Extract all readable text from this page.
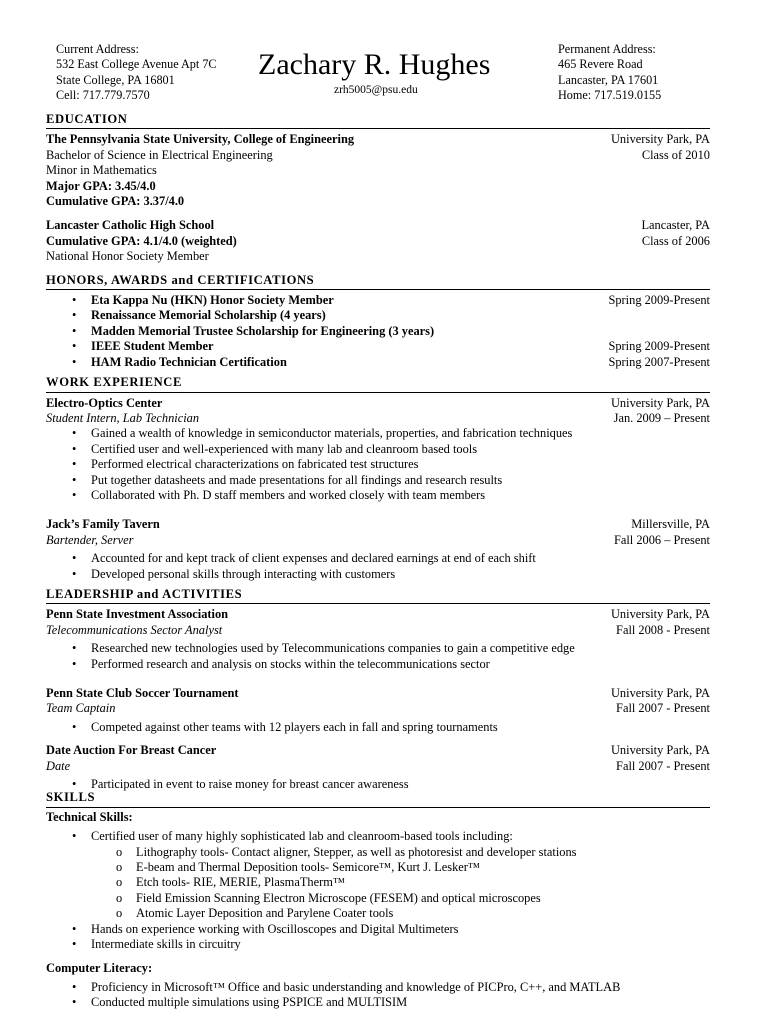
Current Address:
532 East College Avenue Apt 7C
State College, PA 16801
Cell: 717.779.7570
Zachary R. Hughes
zrh5005@psu.edu
Permanent Address:
465 Revere Road
Lancaster, PA 17601
Home: 717.519.0155
EDUCATION
The Pennsylvania State University, College of Engineering	University Park, PA
Bachelor of Science in Electrical Engineering	Class of 2010
Minor in Mathematics
Major GPA: 3.45/4.0
Cumulative GPA: 3.37/4.0
Lancaster Catholic High School	Lancaster, PA
Cumulative GPA: 4.1/4.0 (weighted)	Class of 2006
National Honor Society Member
HONORS, AWARDS and CERTIFICATIONS
• Eta Kappa Nu (HKN) Honor Society Member	Spring 2009-Present
• Renaissance Memorial Scholarship (4 years)
• Madden Memorial Trustee Scholarship for Engineering (3 years)
• IEEE Student Member	Spring 2009-Present
• HAM Radio Technician Certification	Spring 2007-Present
WORK EXPERIENCE
Electro-Optics Center	University Park, PA
Student Intern, Lab Technician	Jan. 2009 – Present
• Gained a wealth of knowledge in semiconductor materials, properties, and fabrication techniques
• Certified user and well-experienced with many lab and cleanroom based tools
• Performed electrical characterizations on fabricated test structures
• Put together datasheets and made presentations for all findings and research results
• Collaborated with Ph. D staff members and worked closely with team members
Jack’s Family Tavern	Millersville, PA
Bartender, Server	Fall 2006 – Present
• Accounted for and kept track of client expenses and declared earnings at end of each shift
• Developed personal skills through interacting with customers
LEADERSHIP and ACTIVITIES
Penn State Investment Association	University Park, PA
Telecommunications Sector Analyst	Fall 2008 - Present
• Researched new technologies used by Telecommunications companies to gain a competitive edge
• Performed research and analysis on stocks within the telecommunications sector
Penn State Club Soccer Tournament	University Park, PA
Team Captain	Fall 2007 - Present
• Competed against other teams with 12 players each in fall and spring tournaments
Date Auction For Breast Cancer	University Park, PA
Date	Fall 2007 - Present
• Participated in event to raise money for breast cancer awareness
SKILLS
Technical Skills:
• Certified user of many highly sophisticated lab and cleanroom-based tools including:
o Lithography tools- Contact aligner, Stepper, as well as photoresist and developer stations
o E-beam and Thermal Deposition tools- Semicore™, Kurt J. Lesker™
o Etch tools- RIE, MERIE, PlasmaTherm™
o Field Emission Scanning Electron Microscope (FESEM) and optical microscopes
o Atomic Layer Deposition and Parylene Coater tools
• Hands on experience working with Oscilloscopes and Digital Multimeters
• Intermediate skills in circuitry
Computer Literacy:
• Proficiency in Microsoft™ Office and basic understanding and knowledge of PICPro, C++, and MATLAB
• Conducted multiple simulations using PSPICE and MULTISIM
